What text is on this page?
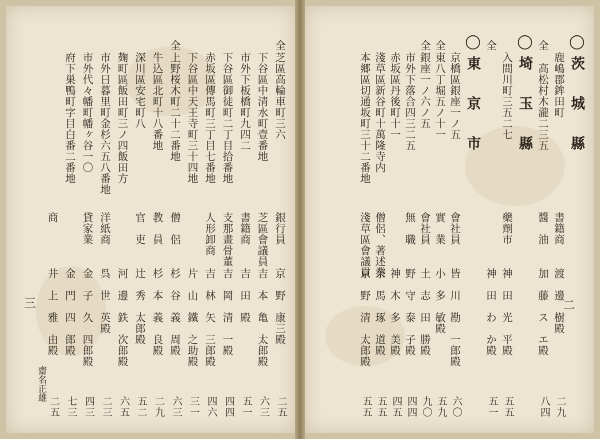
全
芝區高輪車町三六
銀行員
京　野　康三殿
二五
下谷區中清水町壹番地
芝區會議員
吉　本　亀　太郎殿
六三
市外下板橋町九四二
書籍商
吉　田　殿
五一
下谷區御徒町二丁目拾番地
支那畫骨董
吉　岡　清　一殿
四四
赤坂區傳馬町三丁目七番地
人形卸商
吉　林　矢　三郎殿
四六
下谷區中天王寺町三十四地
片　山　鐵　之助殿
三一
全
上野桜木町二十二番地
僧　侶
杉　谷　義　周殿
六三
牛込區北町十八番地
教　員
杉　本　義　良殿
二九
深川區安宅町八
官　吏
辻　秀　太郎殿
五二
麹町區飯田町三ノ四飯田方
河　邊　鉄　次郎殿
六五
市外日暮里町金杉六五八番地
洋紙商
呉　世　英殿
二三
市外代々幡町幡ヶ谷一〇
貸家業
金　子　久　四郎殿
四三
府下巣鴨町字目白番二番地
金　門　四　郎殿
七三
商
井　上　雅　由殿
二五
齋名正雄
三
◯茨　城　縣
鹿嶋郡鉾田町
書籍商
渡　邊　樹殿
二九
全
　高松村木瀧二三五
醬　油
加　藤　ス　エ殿
八四
◯埼　玉　縣
入間川町三五二七
藥劑市
神　田　光　平殿
五五
全
神　田　わ　か殿
五一
◯東　京　市
京橋區銀座一ノ五
會社員
皆　川　勘　一郎殿
六〇
全
東八丁堀五ノ十一
實　業
小　多　敏殿
五九
全
銀座一ノ六ノ五
會社員
土　志　田　勝殿
九〇
市外下落合四三二五
無　職
野　守　泰　子殿
四四
赤坂區丹後町十一
神　木　多　美殿
四五
淺草區新谷町十萬隆寺内
僧侶、著述業
奈　馬　琢　道殿
五五
本郷區切通坂町三十二番地
淺草區會議員
京　野　清　太郎殿
五五
二
